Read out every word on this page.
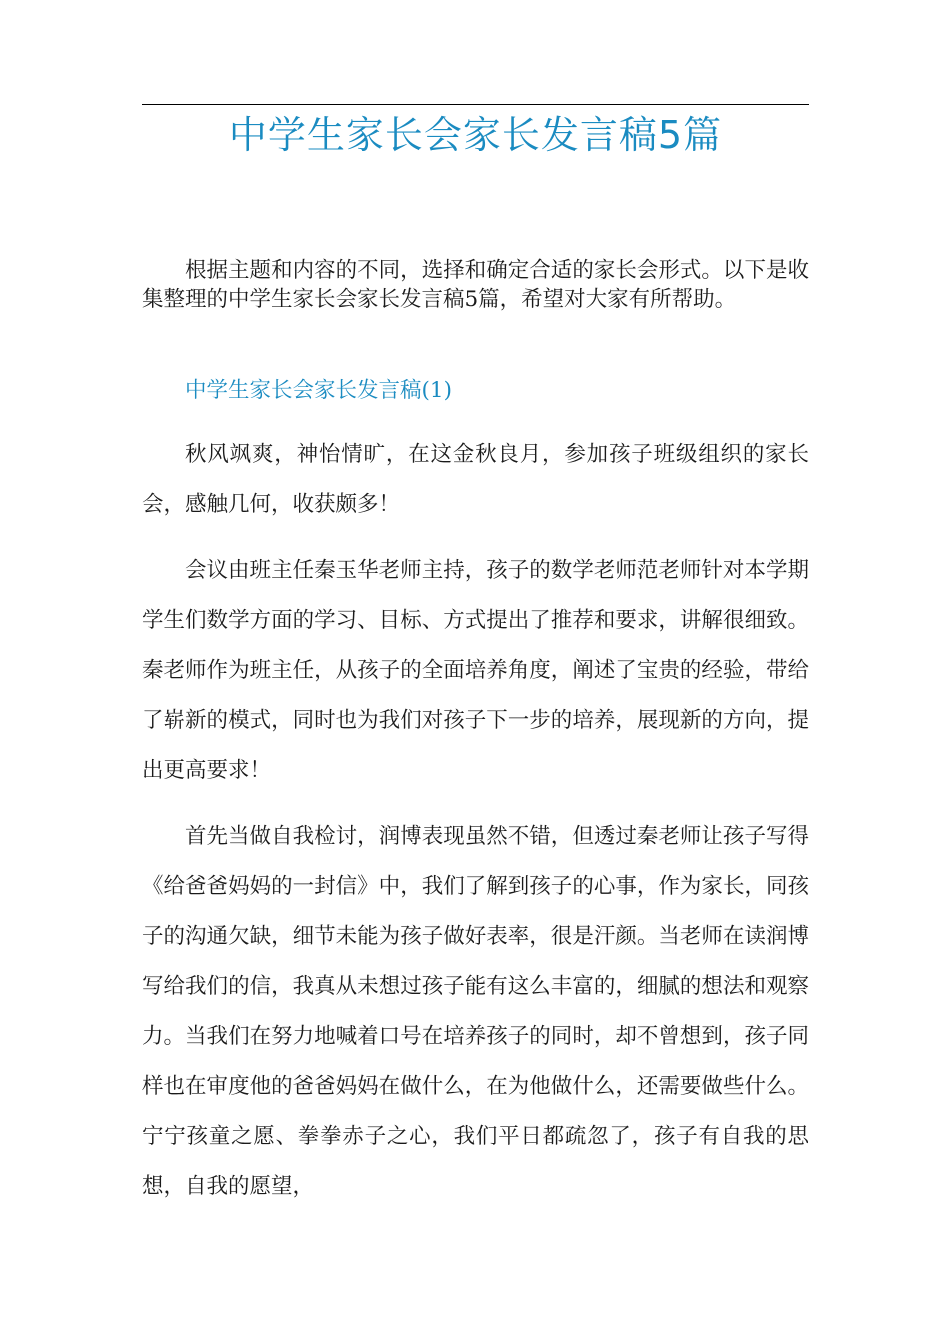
中学生家长会家长发言稿5篇

根据主题和内容的不同，选择和确定合适的家长会形式。以下是收集整理的中学生家长会家长发言稿5篇，希望对大家有所帮助。

中学生家长会家长发言稿(1)

秋风飒爽，神怡情旷，在这金秋良月，参加孩子班级组织的家长会，感触几何，收获颇多！

会议由班主任秦玉华老师主持，孩子的数学老师范老师针对本学期学生们数学方面的学习、目标、方式提出了推荐和要求，讲解很细致。秦老师作为班主任，从孩子的全面培养角度，阐述了宝贵的经验，带给了崭新的模式，同时也为我们对孩子下一步的培养，展现新的方向，提出更高要求！

首先当做自我检讨，润博表现虽然不错，但透过秦老师让孩子写得《给爸爸妈妈的一封信》中，我们了解到孩子的心事，作为家长，同孩子的沟通欠缺，细节未能为孩子做好表率，很是汗颜。当老师在读润博写给我们的信，我真从未想过孩子能有这么丰富的，细腻的想法和观察力。当我们在努力地喊着口号在培养孩子的同时，却不曾想到，孩子同样也在审度他的爸爸妈妈在做什么，在为他做什么，还需要做些什么。宁宁孩童之愿、拳拳赤子之心，我们平日都疏忽了，孩子有自我的思想，自我的愿望，
